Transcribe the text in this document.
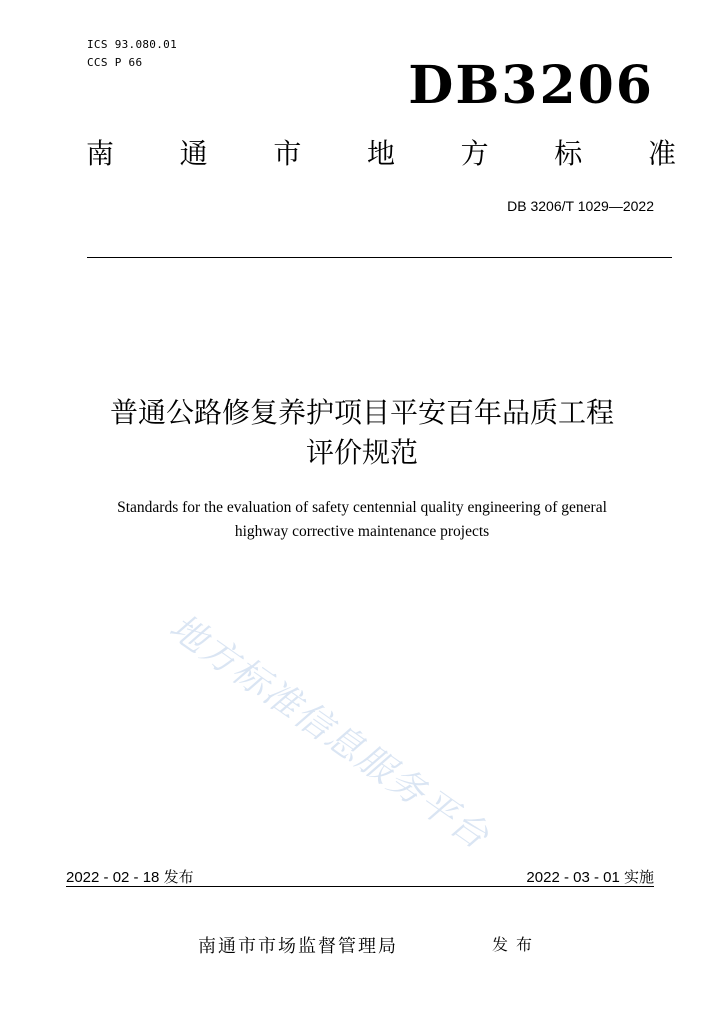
ICS 93.080.01
CCS P 66	DB3206
南 通 市 地 方 标 准
DB 3206/T 1029—2022
普通公路修复养护项目平安百年品质工程
评价规范
Standards for the evaluation of safety centennial quality engineering of general
highway corrective maintenance projects
地方标准信息服务平台
2022 - 02 - 18 发布	2022 - 03 - 01 实施
南通市市场监督管理局	发布
